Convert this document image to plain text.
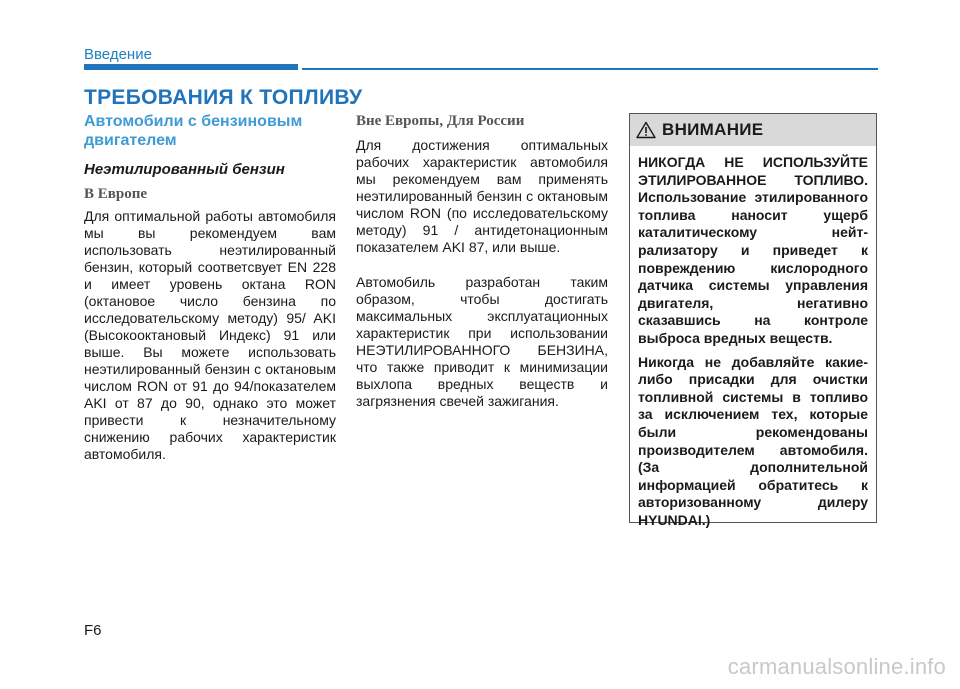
Введение
ТРЕБОВАНИЯ К ТОПЛИВУ
Автомобили с бензиновым двигателем
Неэтилированный бензин
В Европе

Для оптимальной работы автомобиля мы вы рекомендуем вам использовать неэтилированный бензин, который соответсвует EN 228 и имеет уровень октана RON (октановое число бензина по исследовательскому методу) 95/ AKI (Высокооктановый Индекс) 91 или выше. Вы можете использовать неэтилированный бензин с октановым числом RON от 91 до 94/показателем AKI от 87 до 90, однако это может привести к незначительному снижению рабочих характеристик автомобиля.

Вне Европы, Для России

Для достижения оптимальных рабочих характеристик автомобиля мы рекомендуем вам применять неэтилированный бензин с октановым числом RON (по исследовательскому методу) 91 / антидетонационным показателем AKI 87, или выше.

Автомобиль разработан таким образом, чтобы достигать максимальных эксплуатационных характеристик при использовании НЕЭТИЛИРОВАННОГО БЕНЗИНА, что также приводит к минимизации выхлопа вредных веществ и загрязнения свечей зажигания.

ВНИМАНИЕ

НИКОГДА НЕ ИСПОЛЬЗУЙТЕ ЭТИЛИРОВАННОЕ ТОПЛИВО. Использование этилированного топлива наносит ущерб каталитическому нейт-рализатору и приведет к повреждению кислородного датчика системы управления двигателя, негативно сказавшись на контроле выброса вредных веществ.

Никогда не добавляйте какие-либо присадки для очистки топливной системы в топливо за исключением тех, которые были рекомендованы производителем автомобиля. (За дополнительной информацией обратитесь к авторизованному дилеру HYUNDAI.)

F6
carmanualsonline.info
